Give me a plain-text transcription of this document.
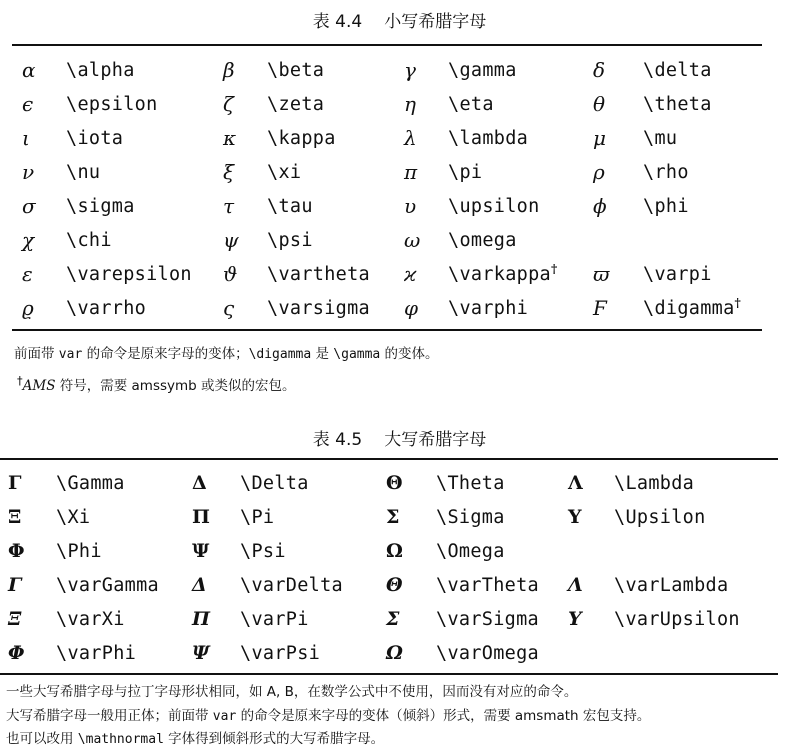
表 4.4 小写希腊字母
α	\alpha	β	\beta	γ	\gamma	δ	\delta
ϵ	\epsilon	ζ	\zeta	η	\eta	θ	\theta
ι	\iota	κ	\kappa	λ	\lambda	μ	\mu
ν	\nu	ξ	\xi	π	\pi	ρ	\rho
σ	\sigma	τ	\tau	υ	\upsilon	ϕ	\phi
χ	\chi	ψ	\psi	ω	\omega		
ε	\varepsilon	ϑ	\vartheta	ϰ	\varkappa†	ϖ	\varpi
ϱ	\varrho	ς	\varsigma	φ	\varphi	Ϝ	\digamma†
前面带 var 的命令是原来字母的变体；\digamma 是 \gamma 的变体。
†AMS 符号，需要 amssymb 或类似的宏包。
表 4.5 大写希腊字母
Γ	\Gamma	Δ	\Delta	Θ	\Theta	Λ	\Lambda
Ξ	\Xi	Π	\Pi	Σ	\Sigma	Υ	\Upsilon
Φ	\Phi	Ψ	\Psi	Ω	\Omega		
Γ	\varGamma	Δ	\varDelta	Θ	\varTheta	Λ	\varLambda
Ξ	\varXi	Π	\varPi	Σ	\varSigma	Υ	\varUpsilon
Φ	\varPhi	Ψ	\varPsi	Ω	\varOmega		
一些大写希腊字母与拉丁字母形状相同，如 A, B，在数学公式中不使用，因而没有对应的命令。
大写希腊字母一般用正体；前面带 var 的命令是原来字母的变体（倾斜）形式，需要 amsmath 宏包支持。
也可以改用 \mathnormal 字体得到倾斜形式的大写希腊字母。
